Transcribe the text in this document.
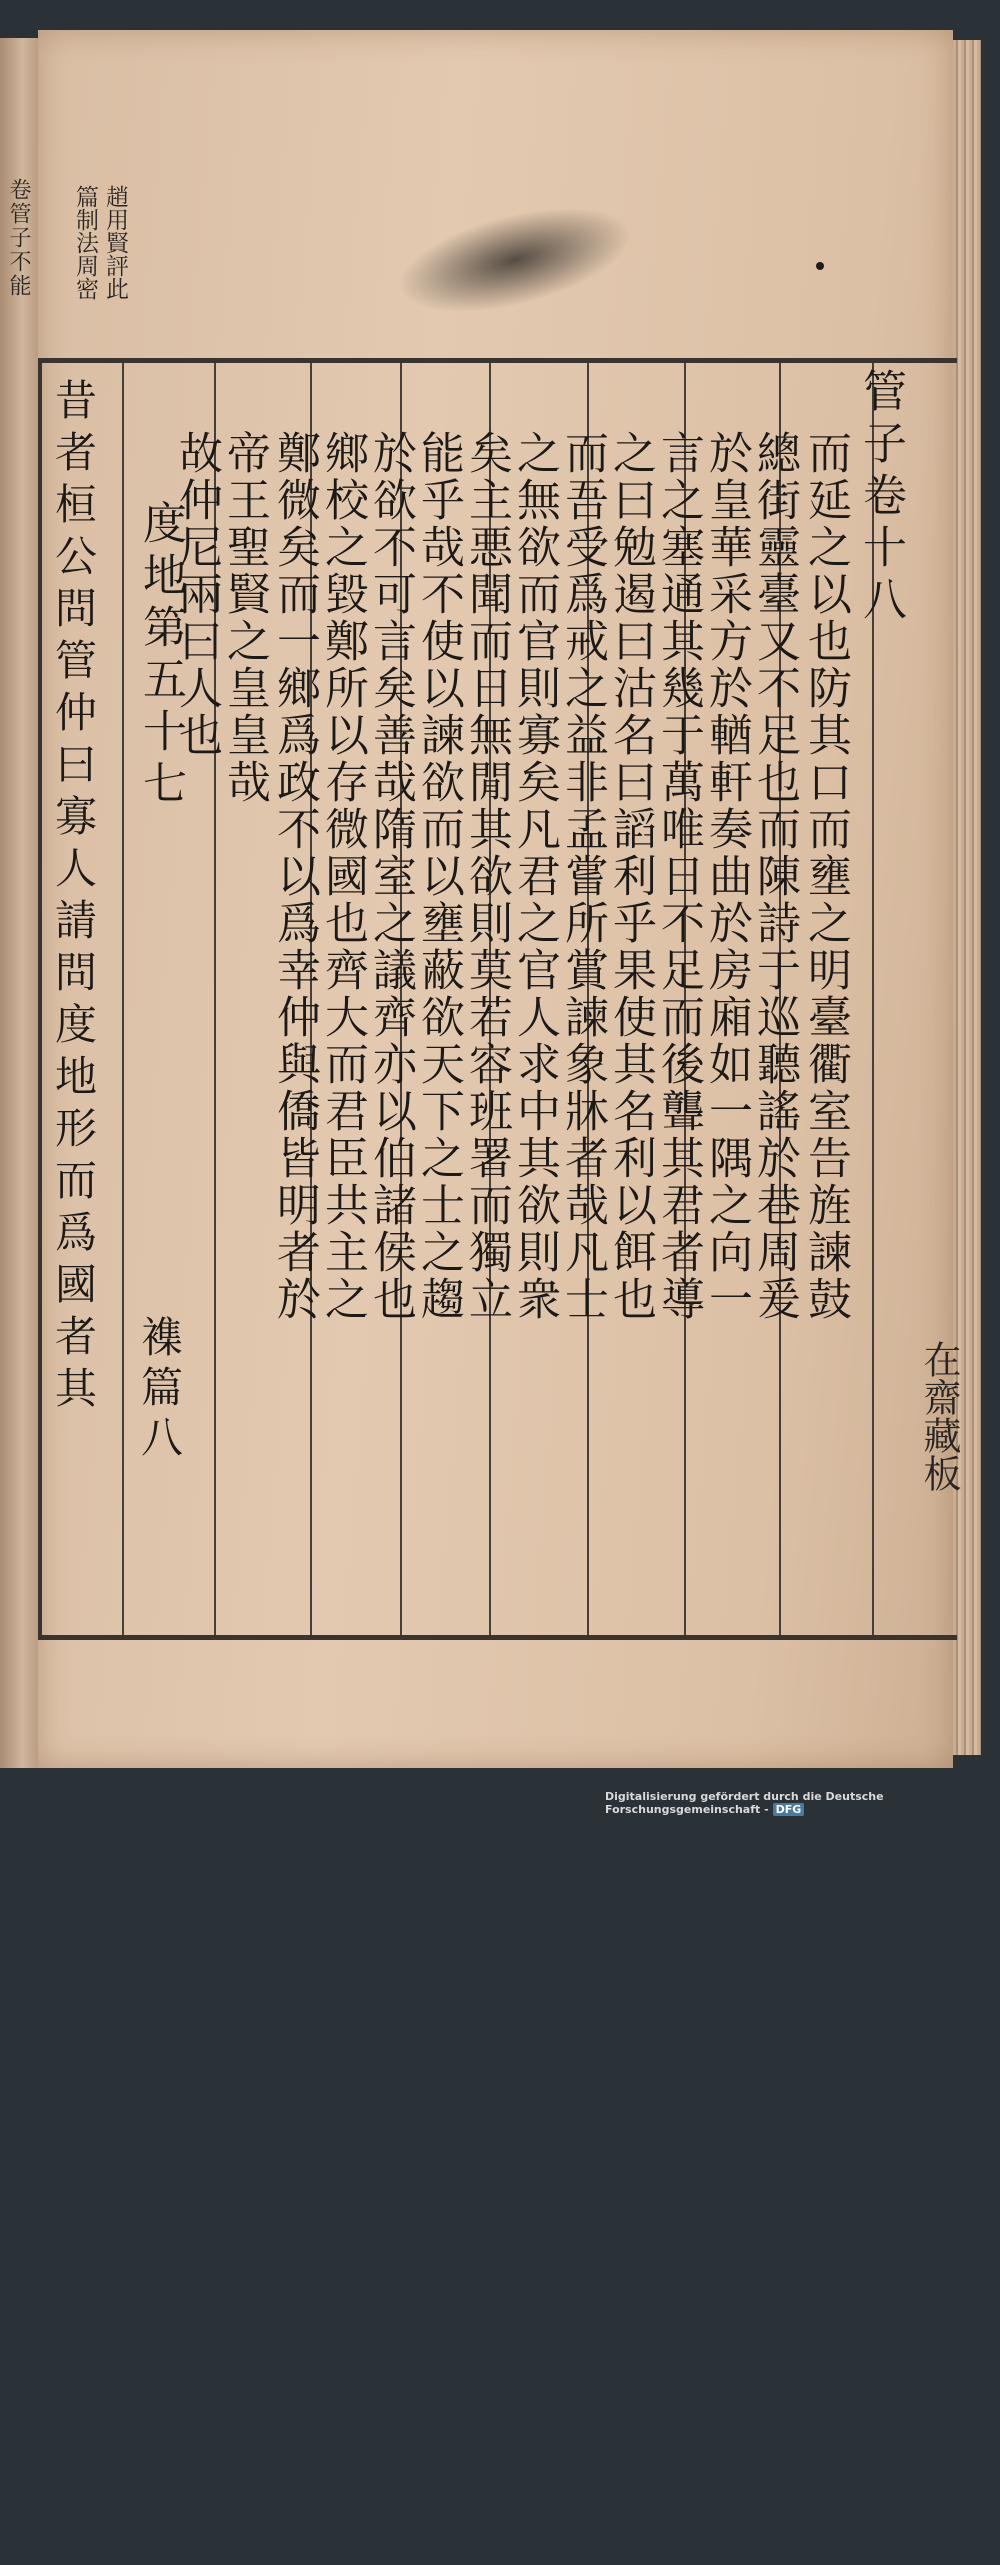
卷管子不能	趙用賢評此
篇制法周密
管子卷十八
而延之以也防其口而壅之明臺衢室告旌諫鼓
總街靈臺又不足也而陳詩于巡聽謠於巷周爰
於皇華采方於輶軒奏曲於房廂如一隅之向一
言之塞通其幾于萬唯日不足而後聾其君者導
之曰勉遏曰沽名曰謟利乎果使其名利以餌也
而吾受爲戒之益非孟嘗所賞諫象牀者哉凡士
之無欲而官則寡矣凡君之官人求中其欲則衆
矣主悪聞而日無閒其欲則莫若容班署而獨立
能乎哉不使以諫欲而以壅蔽欲天下之士之趨
於欲不可言矣善哉隋室之議齊亦以伯諸侯也
鄉校之毀鄭所以存微國也齊大而君臣共主之
鄭微矣而一鄉爲政不以爲幸仲與僑皆明者於
帝王聖賢之皇皇哉
故仲尼兩曰人也
度地第五十七
襍篇八
昔者桓公問管仲曰寡人請問度地形而爲國者其	在齋藏板
Digitalisierung gefördert durch die Deutsche Forschungsgemeinschaft - DFG
